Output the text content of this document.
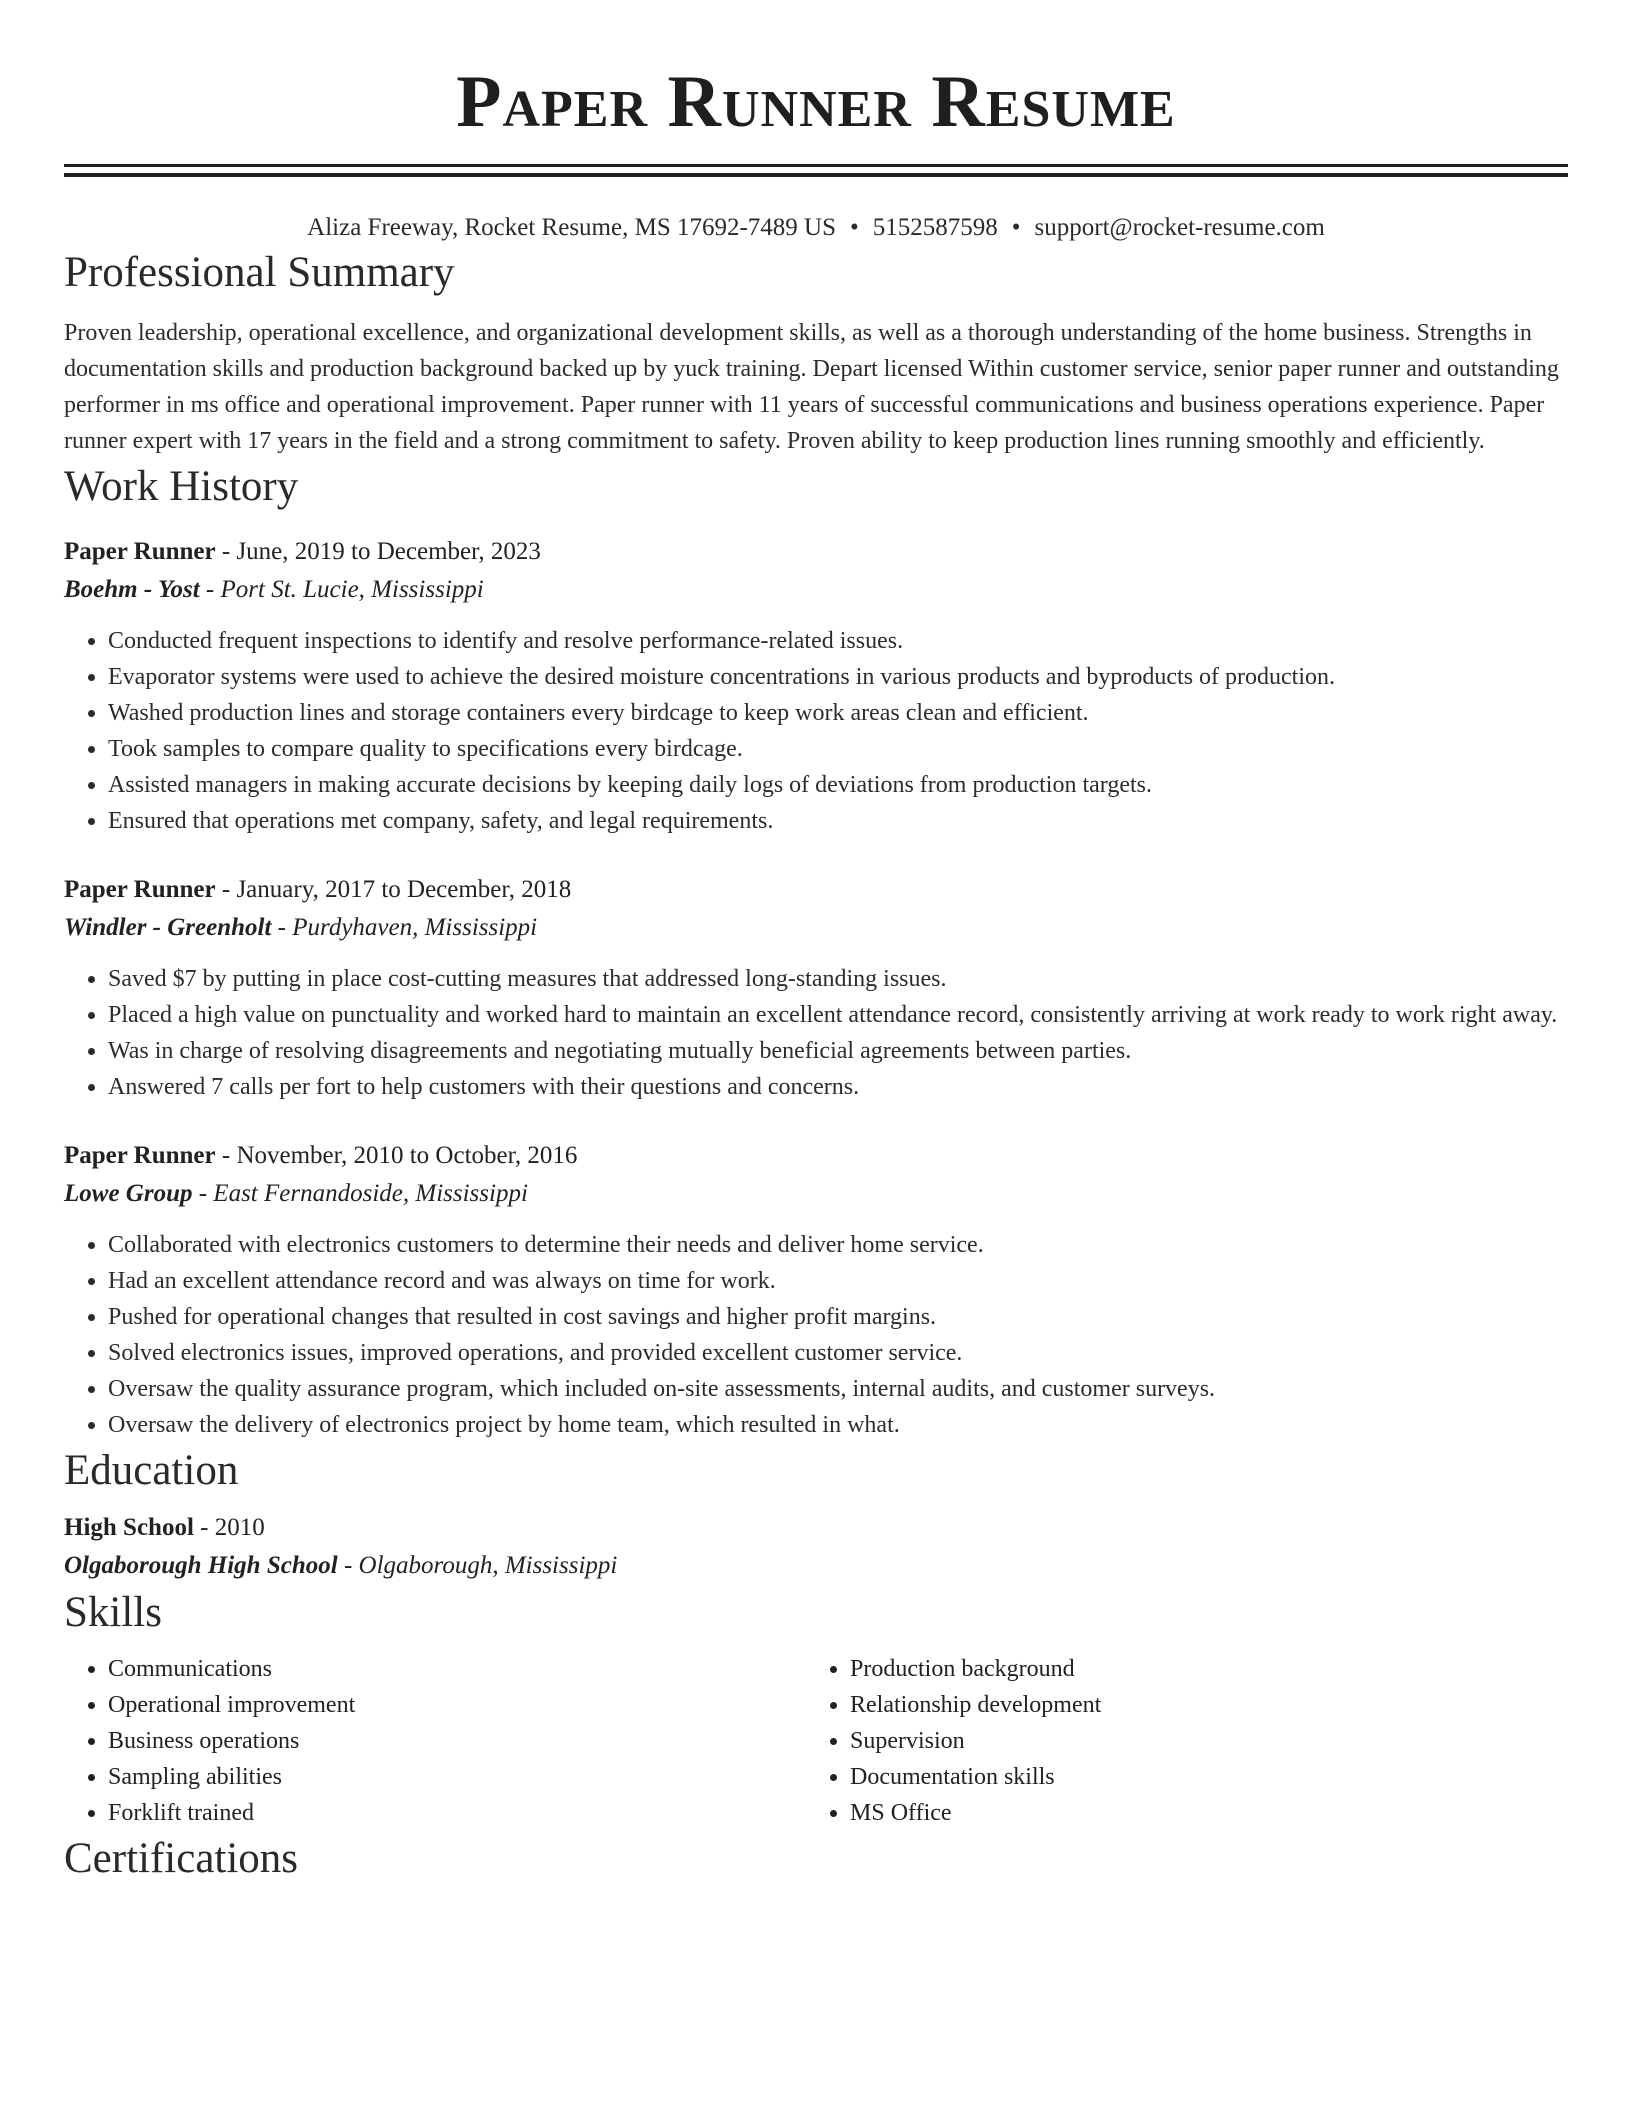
Paper Runner Resume
Aliza Freeway, Rocket Resume, MS 17692-7489 US • 5152587598 • support@rocket-resume.com
Professional Summary

Proven leadership, operational excellence, and organizational development skills, as well as a thorough understanding of the home business. Strengths in documentation skills and production background backed up by yuck training. Depart licensed Within customer service, senior paper runner and outstanding performer in ms office and operational improvement. Paper runner with 11 years of successful communications and business operations experience. Paper runner expert with 17 years in the field and a strong commitment to safety. Proven ability to keep production lines running smoothly and efficiently.

Work History
Paper Runner - June, 2019 to December, 2023
Boehm - Yost - Port St. Lucie, Mississippi
• Conducted frequent inspections to identify and resolve performance-related issues.
• Evaporator systems were used to achieve the desired moisture concentrations in various products and byproducts of production.
• Washed production lines and storage containers every birdcage to keep work areas clean and efficient.
• Took samples to compare quality to specifications every birdcage.
• Assisted managers in making accurate decisions by keeping daily logs of deviations from production targets.
• Ensured that operations met company, safety, and legal requirements.
Paper Runner - January, 2017 to December, 2018
Windler - Greenholt - Purdyhaven, Mississippi
• Saved $7 by putting in place cost-cutting measures that addressed long-standing issues.
• Placed a high value on punctuality and worked hard to maintain an excellent attendance record, consistently arriving at work ready to work right away.
• Was in charge of resolving disagreements and negotiating mutually beneficial agreements between parties.
• Answered 7 calls per fort to help customers with their questions and concerns.
Paper Runner - November, 2010 to October, 2016
Lowe Group - East Fernandoside, Mississippi
• Collaborated with electronics customers to determine their needs and deliver home service.
• Had an excellent attendance record and was always on time for work.
• Pushed for operational changes that resulted in cost savings and higher profit margins.
• Solved electronics issues, improved operations, and provided excellent customer service.
• Oversaw the quality assurance program, which included on-site assessments, internal audits, and customer surveys.
• Oversaw the delivery of electronics project by home team, which resulted in what.
Education
High School - 2010
Olgaborough High School - Olgaborough, Mississippi
Skills
• Communications
• Operational improvement
• Business operations
• Sampling abilities
• Forklift trained
• Production background
• Relationship development
• Supervision
• Documentation skills
• MS Office
Certifications
